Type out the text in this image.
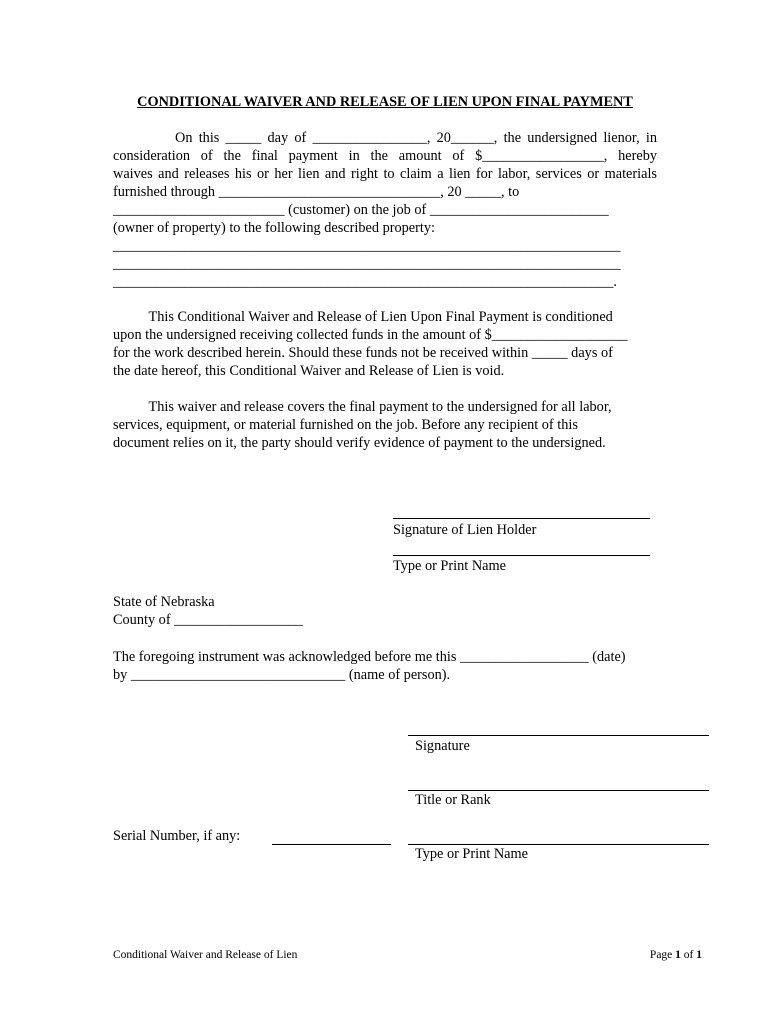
CONDITIONAL WAIVER AND RELEASE OF LIEN UPON FINAL PAYMENT
On this _____ day of ________________, 20______, the undersigned lienor, in
consideration of the final payment in the amount of $_________________, hereby
waives and releases his or her lien and right to claim a lien for labor, services or materials
furnished through _______________________________, 20 _____, to
________________________ (customer) on the job of _________________________
(owner of property) to the following described property:
_______________________________________________________________________
_______________________________________________________________________
______________________________________________________________________.
This Conditional Waiver and Release of Lien Upon Final Payment is conditioned
upon the undersigned receiving collected funds in the amount of $___________________
for the work described herein. Should these funds not be received within _____ days of
the date hereof, this Conditional Waiver and Release of Lien is void.
This waiver and release covers the final payment to the undersigned for all labor,
services, equipment, or material furnished on the job. Before any recipient of this
document relies on it, the party should verify evidence of payment to the undersigned.
Signature of Lien Holder
Type or Print Name
State of Nebraska
County of __________________
The foregoing instrument was acknowledged before me this __________________ (date)
by ______________________________ (name of person).
Signature
Title or Rank
Serial Number, if any:
Type or Print Name
Conditional Waiver and Release of Lien	Page 1 of 1
